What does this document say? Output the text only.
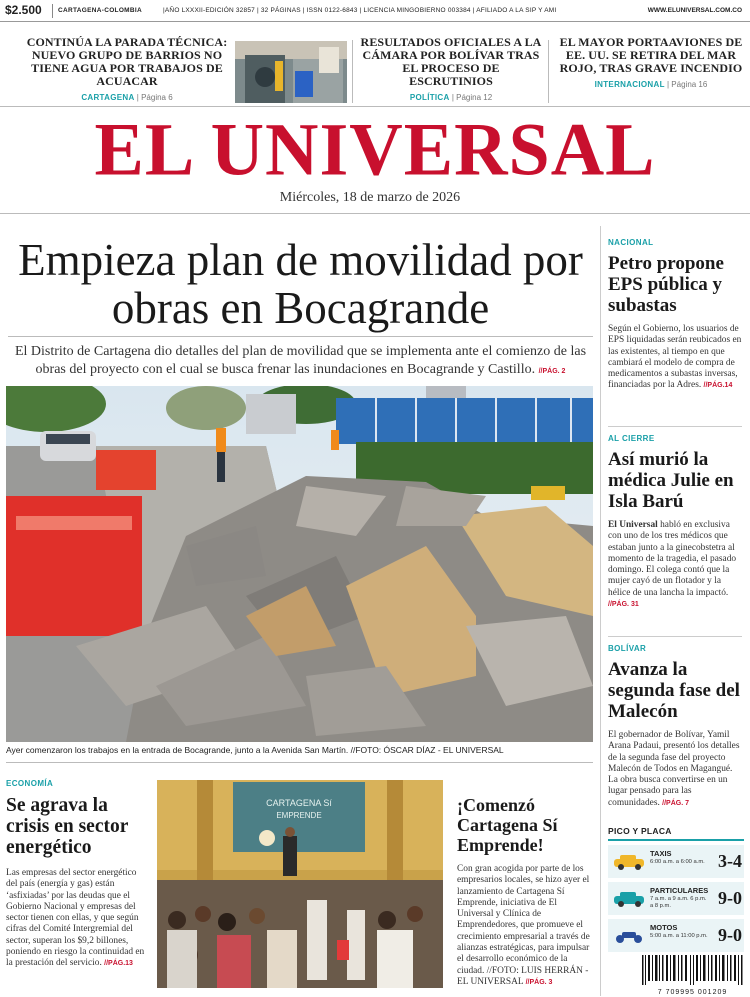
$2.500	CARTAGENA-COLOMBIA	|AÑO LXXXII-EDICIÓN 32857 | 32 PÁGINAS | ISSN 0122-6843 | LICENCIA MINGOBIERNO 003384 | AFILIADO A LA SIP Y AMI	WWW.ELUNIVERSAL.COM.CO
CONTINÚA LA PARADA TÉCNICA: NUEVO GRUPO DE BARRIOS NO TIENE AGUA POR TRABAJOS DE ACUACAR
CARTAGENA | Página 6
RESULTADOS OFICIALES A LA CÁMARA POR BOLÍVAR TRAS EL PROCESO DE ESCRUTINIOS
POLÍTICA | Página 12
EL MAYOR PORTAAVIONES DE EE. UU. SE RETIRA DEL MAR ROJO, TRAS GRAVE INCENDIO
INTERNACIONAL | Página 16
EL UNIVERSAL
Miércoles, 18 de marzo de 2026
Empieza plan de movilidad por obras en Bocagrande
El Distrito de Cartagena dio detalles del plan de movilidad que se implementa ante el comienzo de las obras del proyecto con el cual se busca frenar las inundaciones en Bocagrande y Castillo. //PÁG. 2
Ayer comenzaron los trabajos en la entrada de Bocagrande, junto a la Avenida San Martín. //FOTO: ÓSCAR DÍAZ - EL UNIVERSAL
NACIONAL
Petro propone EPS pública y subastas
Según el Gobierno, los usuarios de EPS liquidadas serán reubicados en las existentes, al tiempo en que cambiará el modelo de compra de medicamentos a subastas inversas, financiadas por la Adres. //PÁG.14
AL CIERRE
Así murió la médica Julie en Isla Barú
El Universal habló en exclusiva con uno de los tres médicos que estaban junto a la ginecobstetra al momento de la tragedia, el pasado domingo. El colega contó que la mujer cayó de un flotador y la hélice de una lancha la impactó. //PÁG. 31
BOLÍVAR
Avanza la segunda fase del Malecón
El gobernador de Bolívar, Yamil Arana Padaui, presentó los detalles de la segunda fase del proyecto Malecón de Todos en Magangué. La obra busca convertirse en un lugar pensado para las comunidades. //PÁG. 7
PICO Y PLACA
TAXIS
6:00 a.m. a 6:00 a.m. 3-4
PARTICULARES
7 a.m. a 9 a.m. 6 p.m. a 8 p.m.	9-0
MOTOS
5:00 a.m. a 11:00 p.m. 9-0
7 709995 001209
ECONOMÍA
Se agrava la crisis en sector energético
Las empresas del sector energético del país (energía y gas) están ‘asfixiadas’ por las deudas que el Gobierno Nacional y empresas del sector tienen con ellas, y que según cifras del Comité Intergremial del sector, superan los $9,2 billones, poniendo en riesgo la continuidad en la prestación del servicio. //PÁG.13
CARTAGENA Sí
EMPRENDE
¡Comenzó Cartagena Sí Emprende!
Con gran acogida por parte de los empresarios locales, se hizo ayer el lanzamiento de Cartagena Sí Emprende, iniciativa de El Universal y Clínica de Emprendedores, que promueve el crecimiento empresarial a través de alianzas estratégicas, para impulsar el desarrollo económico de la ciudad. //FOTO: LUIS HERRÁN - EL UNIVERSAL //PÁG. 3
